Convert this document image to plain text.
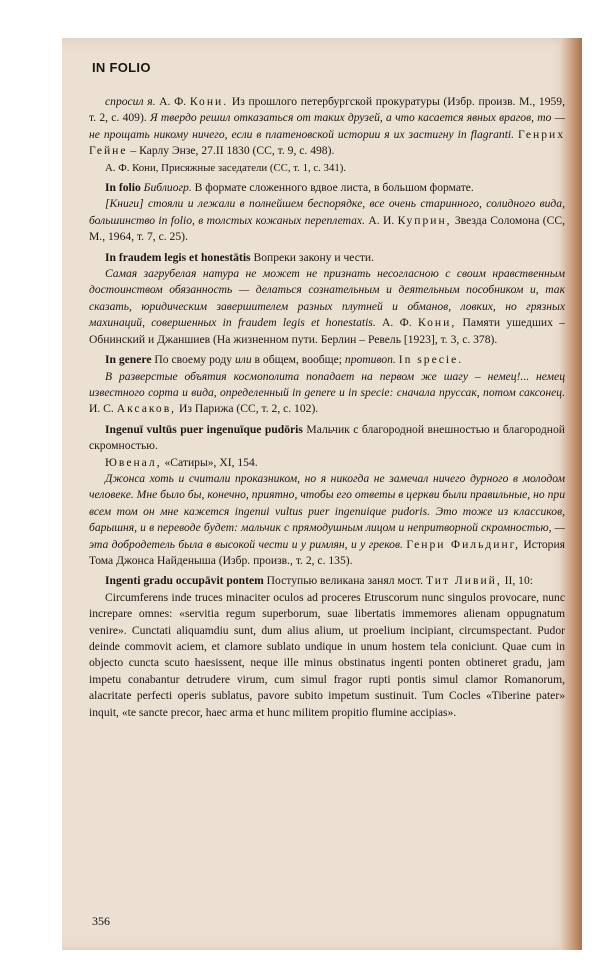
IN FOLIO

спросил я. А. Ф. Кони. Из прошлого петербургской прокуратуры (Избр. произв. М., 1959, т. 2, с. 409). Я твердо решил отказаться от таких друзей, а что касается явных врагов, то — не прощать никому ничего, если в платеновской истории я их застигну in flagranti. Генрих Гейне – Карлу Энзе, 27.II 1830 (СС, т. 9, с. 498).

А. Ф. Кони, Присяжные заседатели (СС, т. 1, с. 341).

In folio Библиогр. В формате сложенного вдвое листа, в большом формате.

[Книги] стояли и лежали в полнейшем беспорядке, все очень старинного, солидного вида, большинство in folio, в толстых кожаных переплетах. А. И. Куприн, Звезда Соломона (СС, М., 1964, т. 7, с. 25).

In fraudem legis et honestātis Вопреки закону и чести.

Самая загрубелая натура не может не признать несогласною с своим нравственным достоинством обязанность — делаться сознательным и деятельным пособником и, так сказать, юридическим завершителем разных плутней и обманов, ловких, но грязных махинаций, совершенных in fraudem legis et honestatis. А. Ф. Кони, Памяти ушедших – Обнинский и Джаншиев (На жизненном пути. Берлин – Ревель [1923], т. 3, с. 378).

In genere По своему роду или в общем, вообще; противоп. In specie.

В разверстые объятия космополита попадает на первом же шагу – немец!... немец известного сорта и вида, определенный in genere и in specie: сначала пруссак, потом саксонец. И. С. Аксаков, Из Парижа (СС, т. 2, с. 102).

Ingenuī vultūs puer ingenuīque pudōris Мальчик с благородной внешностью и благородной скромностью.

Ювенал, «Сатиры», XI, 154.

Джонса хоть и считали проказником, но я никогда не замечал ничего дурного в молодом человеке. Мне было бы, конечно, приятно, чтобы его ответы в церкви были правильные, но при всем том он мне кажется ingenui vultus puer ingenuique pudoris. Это тоже из классиков, барышня, и в переводе будет: мальчик с прямодушным лицом и непритворной скромностью, — эта добродетель была в высокой чести и у римлян, и у греков. Генри Фильдинг, История Тома Джонса Найденыша (Избр. произв., т. 2, с. 135).

Ingenti gradu occupāvit pontem Поступью великана занял мост. Тит Ливий, II, 10:

Circumferens inde truces minaciter oculos ad proceres Etruscorum nunc singulos provocare, nunc increpare omnes: «servitia regum superborum, suae libertatis immemores alienam oppugnatum venire». Cunctati aliquamdiu sunt, dum alius alium, ut proelium incipiant, circumspectant. Pudor deinde commovit aciem, et clamore sublato undique in unum hostem tela coniciunt. Quae cum in objecto cuncta scuto haesissent, neque ille minus obstinatus ingenti ponten obtineret gradu, jam impetu conabantur detrudere virum, cum simul fragor rupti pontis simul clamor Romanorum, alacritate perfecti operis sublatus, pavore subito impetum sustinuit. Tum Cocles «Tiberine pater» inquit, «te sancte precor, haec arma et hunc militem propitio flumine accipias».

356
